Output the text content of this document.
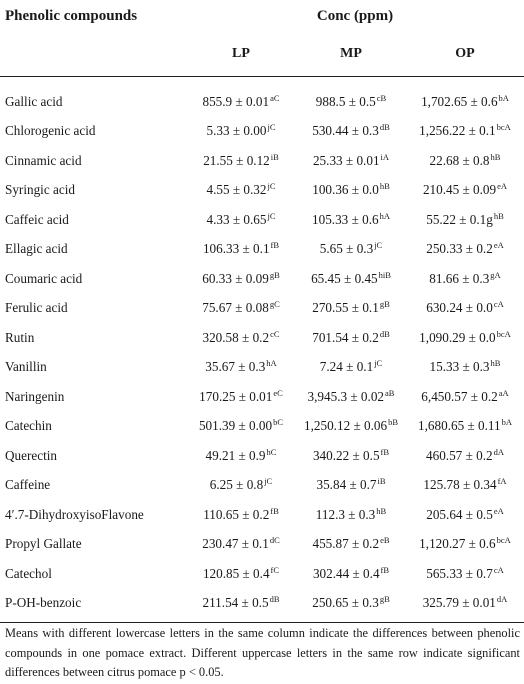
Phenolic compounds	Conc (ppm)		
	LP	MP	OP
Gallic acid	$855.9 \pm 0.01^{aC}$	$988.5 \pm 0.5^{cB}$	$1,702.65 \pm 0.6^{bA}$
Chlorogenic acid	$5.33 \pm 0.00^{jC}$	$530.44 \pm 0.3^{dB}$	$1,256.22 \pm 0.1^{bcA}$
Cinnamic acid	$21.55 \pm 0.12^{iB}$	$25.33 \pm 0.01^{iA}$	$22.68 \pm 0.8^{hB}$
Syringic acid	$4.55 \pm 0.32^{jC}$	$100.36 \pm 0.0^{hB}$	$210.45 \pm 0.09^{eA}$
Caffeic acid	$4.33 \pm 0.65^{jC}$	$105.33 \pm 0.6^{hA}$	$55.22 \pm 0.1g^{hB}$
Ellagic acid	$106.33 \pm 0.1^{fB}$	$5.65 \pm 0.3^{jC}$	$250.33 \pm 0.2^{eA}$
Coumaric acid	$60.33 \pm 0.09^{gB}$	$65.45 \pm 0.45^{hiB}$	$81.66 \pm 0.3^{gA}$
Ferulic acid	$75.67 \pm 0.08^{gC}$	$270.55 \pm 0.1^{gB}$	$630.24 \pm 0.0^{cA}$
Rutin	$320.58 \pm 0.2^{cC}$	$701.54 \pm 0.2^{dB}$	$1,090.29 \pm 0.0^{bcA}$
Vanillin	$35.67 \pm 0.3^{hA}$	$7.24 \pm 0.1^{jC}$	$15.33 \pm 0.3^{hB}$
Naringenin	$170.25 \pm 0.01^{eC}$	$3,945.3 \pm 0.02^{aB}$	$6,450.57 \pm 0.2^{aA}$
Catechin	$501.39 \pm 0.00^{bC}$	$1,250.12 \pm 0.06^{bB}$	$1,680.65 \pm 0.11^{bA}$
Querectin	$49.21 \pm 0.9^{hC}$	$340.22 \pm 0.5^{fB}$	$460.57 \pm 0.2^{dA}$
Caffeine	$6.25 \pm 0.8^{jC}$	$35.84 \pm 0.7^{iB}$	$125.78 \pm 0.34^{fA}$
4′.7-DihydroxyisoFlavone	$110.65 \pm 0.2^{fB}$	$112.3 \pm 0.3^{hB}$	$205.64 \pm 0.5^{eA}$
Propyl Gallate	$230.47 \pm 0.1^{dC}$	$455.87 \pm 0.2^{eB}$	$1,120.27 \pm 0.6^{bcA}$
Catechol	$120.85 \pm 0.4^{fC}$	$302.44 \pm 0.4^{fB}$	$565.33 \pm 0.7^{cA}$
P-OH-benzoic	$211.54 \pm 0.5^{dB}$	$250.65 \pm 0.3^{gB}$	$325.79 \pm 0.01^{dA}$
Means with different lowercase letters in the same column indicate the differences between phenolic compounds in one pomace extract. Different uppercase letters in the same row indicate significant differences between citrus pomace p < 0.05.
